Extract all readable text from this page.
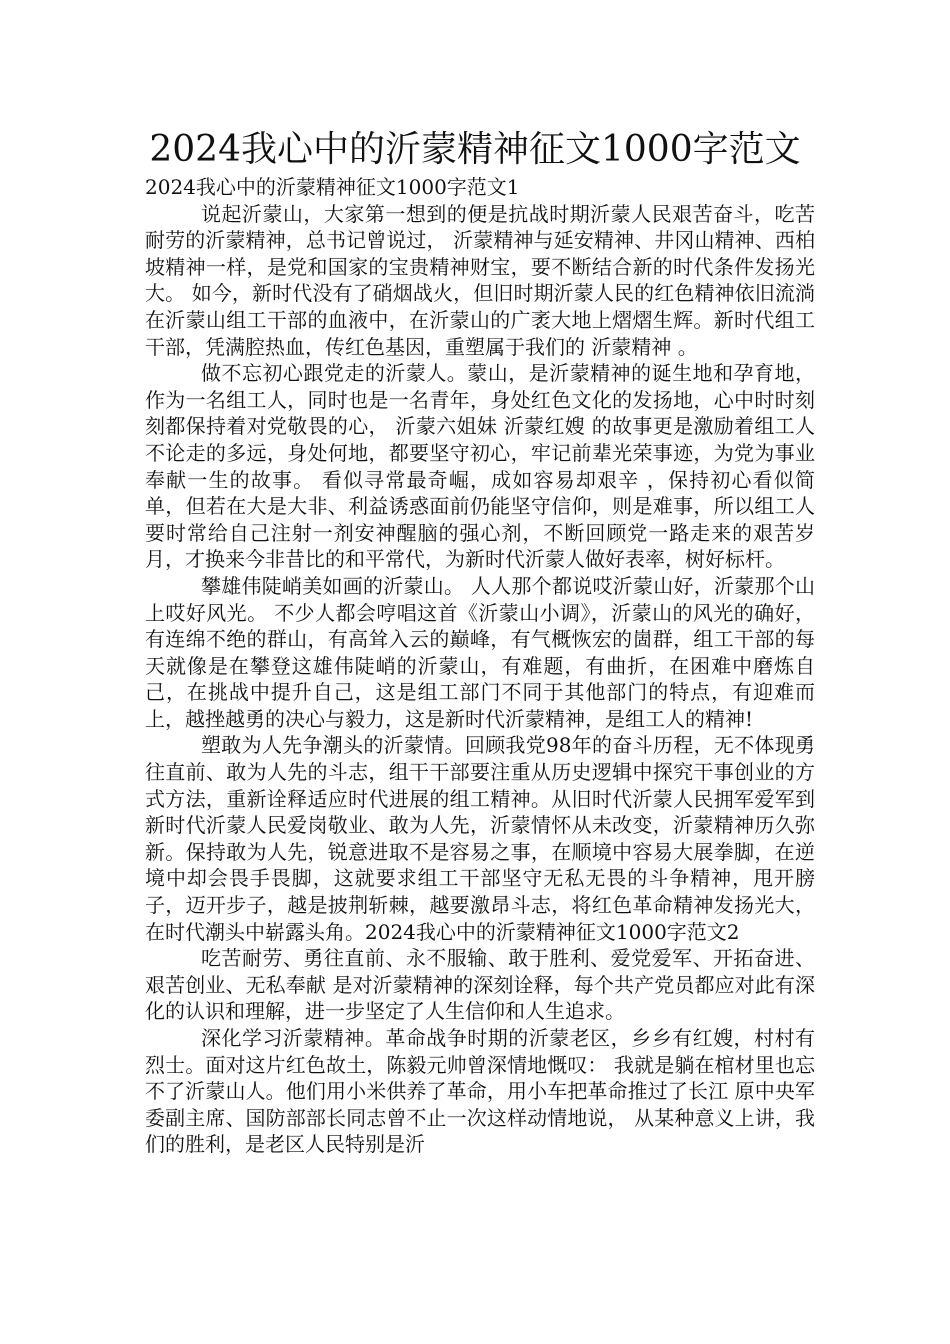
2024我心中的沂蒙精神征文1000字范文

2024我心中的沂蒙精神征文1000字范文1

说起沂蒙山，大家第一想到的便是抗战时期沂蒙人民艰苦奋斗，吃苦耐劳的沂蒙精神，总书记曾说过， 沂蒙精神与延安精神、井冈山精神、西柏坡精神一样，是党和国家的宝贵精神财宝，要不断结合新的时代条件发扬光大。 如今，新时代没有了硝烟战火，但旧时期沂蒙人民的红色精神依旧流淌在沂蒙山组工干部的血液中，在沂蒙山的广袤大地上熠熠生辉。新时代组工干部，凭满腔热血，传红色基因，重塑属于我们的 沂蒙精神 。

做不忘初心跟党走的沂蒙人。蒙山，是沂蒙精神的诞生地和孕育地，作为一名组工人，同时也是一名青年，身处红色文化的发扬地，心中时时刻刻都保持着对党敬畏的心， 沂蒙六姐妹 沂蒙红嫂 的故事更是激励着组工人不论走的多远，身处何地，都要坚守初心，牢记前辈光荣事迹，为党为事业奉献一生的故事。 看似寻常最奇崛，成如容易却艰辛 ，保持初心看似简单，但若在大是大非、利益诱惑面前仍能坚守信仰，则是难事，所以组工人要时常给自己注射一剂安神醒脑的强心剂，不断回顾党一路走来的艰苦岁月，才换来今非昔比的和平常代，为新时代沂蒙人做好表率，树好标杆。

攀雄伟陡峭美如画的沂蒙山。 人人那个都说哎沂蒙山好，沂蒙那个山上哎好风光。 不少人都会哼唱这首《沂蒙山小调》，沂蒙山的风光的确好，有连绵不绝的群山，有高耸入云的巅峰，有气概恢宏的崮群，组工干部的每天就像是在攀登这雄伟陡峭的沂蒙山，有难题，有曲折，在困难中磨炼自己，在挑战中提升自己，这是组工部门不同于其他部门的特点，有迎难而上，越挫越勇的决心与毅力，这是新时代沂蒙精神，是组工人的精神!

塑敢为人先争潮头的沂蒙情。回顾我党98年的奋斗历程，无不体现勇往直前、敢为人先的斗志，组干干部要注重从历史逻辑中探究干事创业的方式方法，重新诠释适应时代进展的组工精神。从旧时代沂蒙人民拥军爱军到新时代沂蒙人民爱岗敬业、敢为人先，沂蒙情怀从未改变，沂蒙精神历久弥新。保持敢为人先，锐意进取不是容易之事，在顺境中容易大展拳脚，在逆境中却会畏手畏脚，这就要求组工干部坚守无私无畏的斗争精神，甩开膀子，迈开步子，越是披荆斩棘，越要激昂斗志，将红色革命精神发扬光大，在时代潮头中崭露头角。2024我心中的沂蒙精神征文1000字范文2

吃苦耐劳、勇往直前、永不服输、敢于胜利、爱党爱军、开拓奋进、艰苦创业、无私奉献 是对沂蒙精神的深刻诠释，每个共产党员都应对此有深化的认识和理解，进一步坚定了人生信仰和人生追求。

深化学习沂蒙精神。革命战争时期的沂蒙老区，乡乡有红嫂，村村有烈士。面对这片红色故土，陈毅元帅曾深情地慨叹： 我就是躺在棺材里也忘不了沂蒙山人。他们用小米供养了革命，用小车把革命推过了长江 原中央军委副主席、国防部部长同志曾不止一次这样动情地说， 从某种意义上讲，我们的胜利，是老区人民特别是沂
